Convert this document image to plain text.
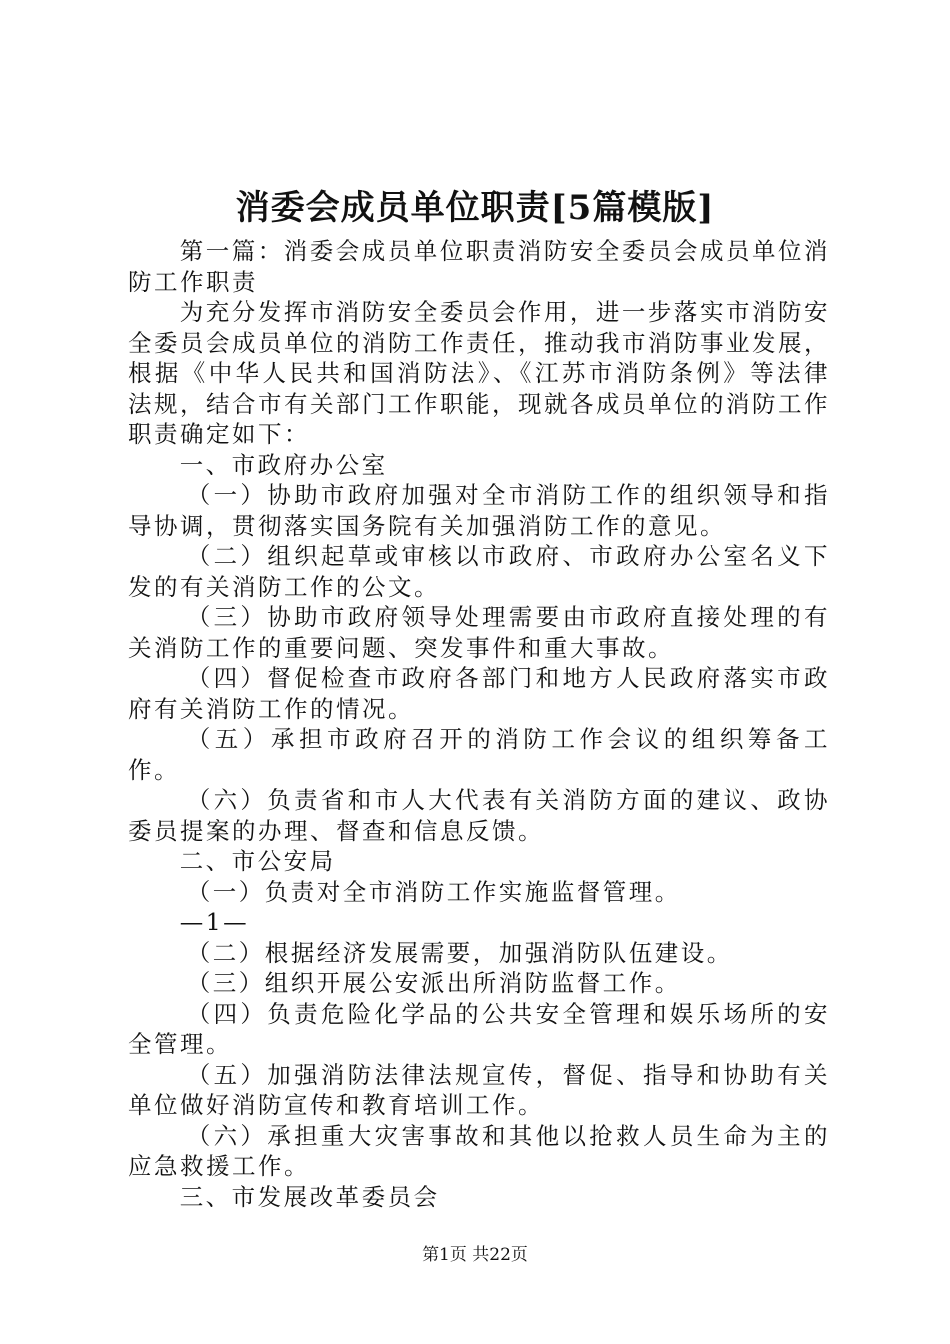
消委会成员单位职责[5篇模版]

第一篇：消委会成员单位职责消防安全委员会成员单位消防工作职责

为充分发挥市消防安全委员会作用，进一步落实市消防安全委员会成员单位的消防工作责任，推动我市消防事业发展，根据《中华人民共和国消防法》、《江苏市消防条例》等法律法规，结合市有关部门工作职能，现就各成员单位的消防工作职责确定如下：

一、市政府办公室

（一）协助市政府加强对全市消防工作的组织领导和指导协调，贯彻落实国务院有关加强消防工作的意见。

（二）组织起草或审核以市政府、市政府办公室名义下发的有关消防工作的公文。

（三）协助市政府领导处理需要由市政府直接处理的有关消防工作的重要问题、突发事件和重大事故。

（四）督促检查市政府各部门和地方人民政府落实市政府有关消防工作的情况。

（五）承担市政府召开的消防工作会议的组织筹备工作。

（六）负责省和市人大代表有关消防方面的建议、政协委员提案的办理、督查和信息反馈。

二、市公安局

（一）负责对全市消防工作实施监督管理。

—1—

（二）根据经济发展需要，加强消防队伍建设。

（三）组织开展公安派出所消防监督工作。

（四）负责危险化学品的公共安全管理和娱乐场所的安全管理。

（五）加强消防法律法规宣传，督促、指导和协助有关单位做好消防宣传和教育培训工作。

（六）承担重大灾害事故和其他以抢救人员生命为主的应急救援工作。

三、市发展改革委员会

第1页 共22页
